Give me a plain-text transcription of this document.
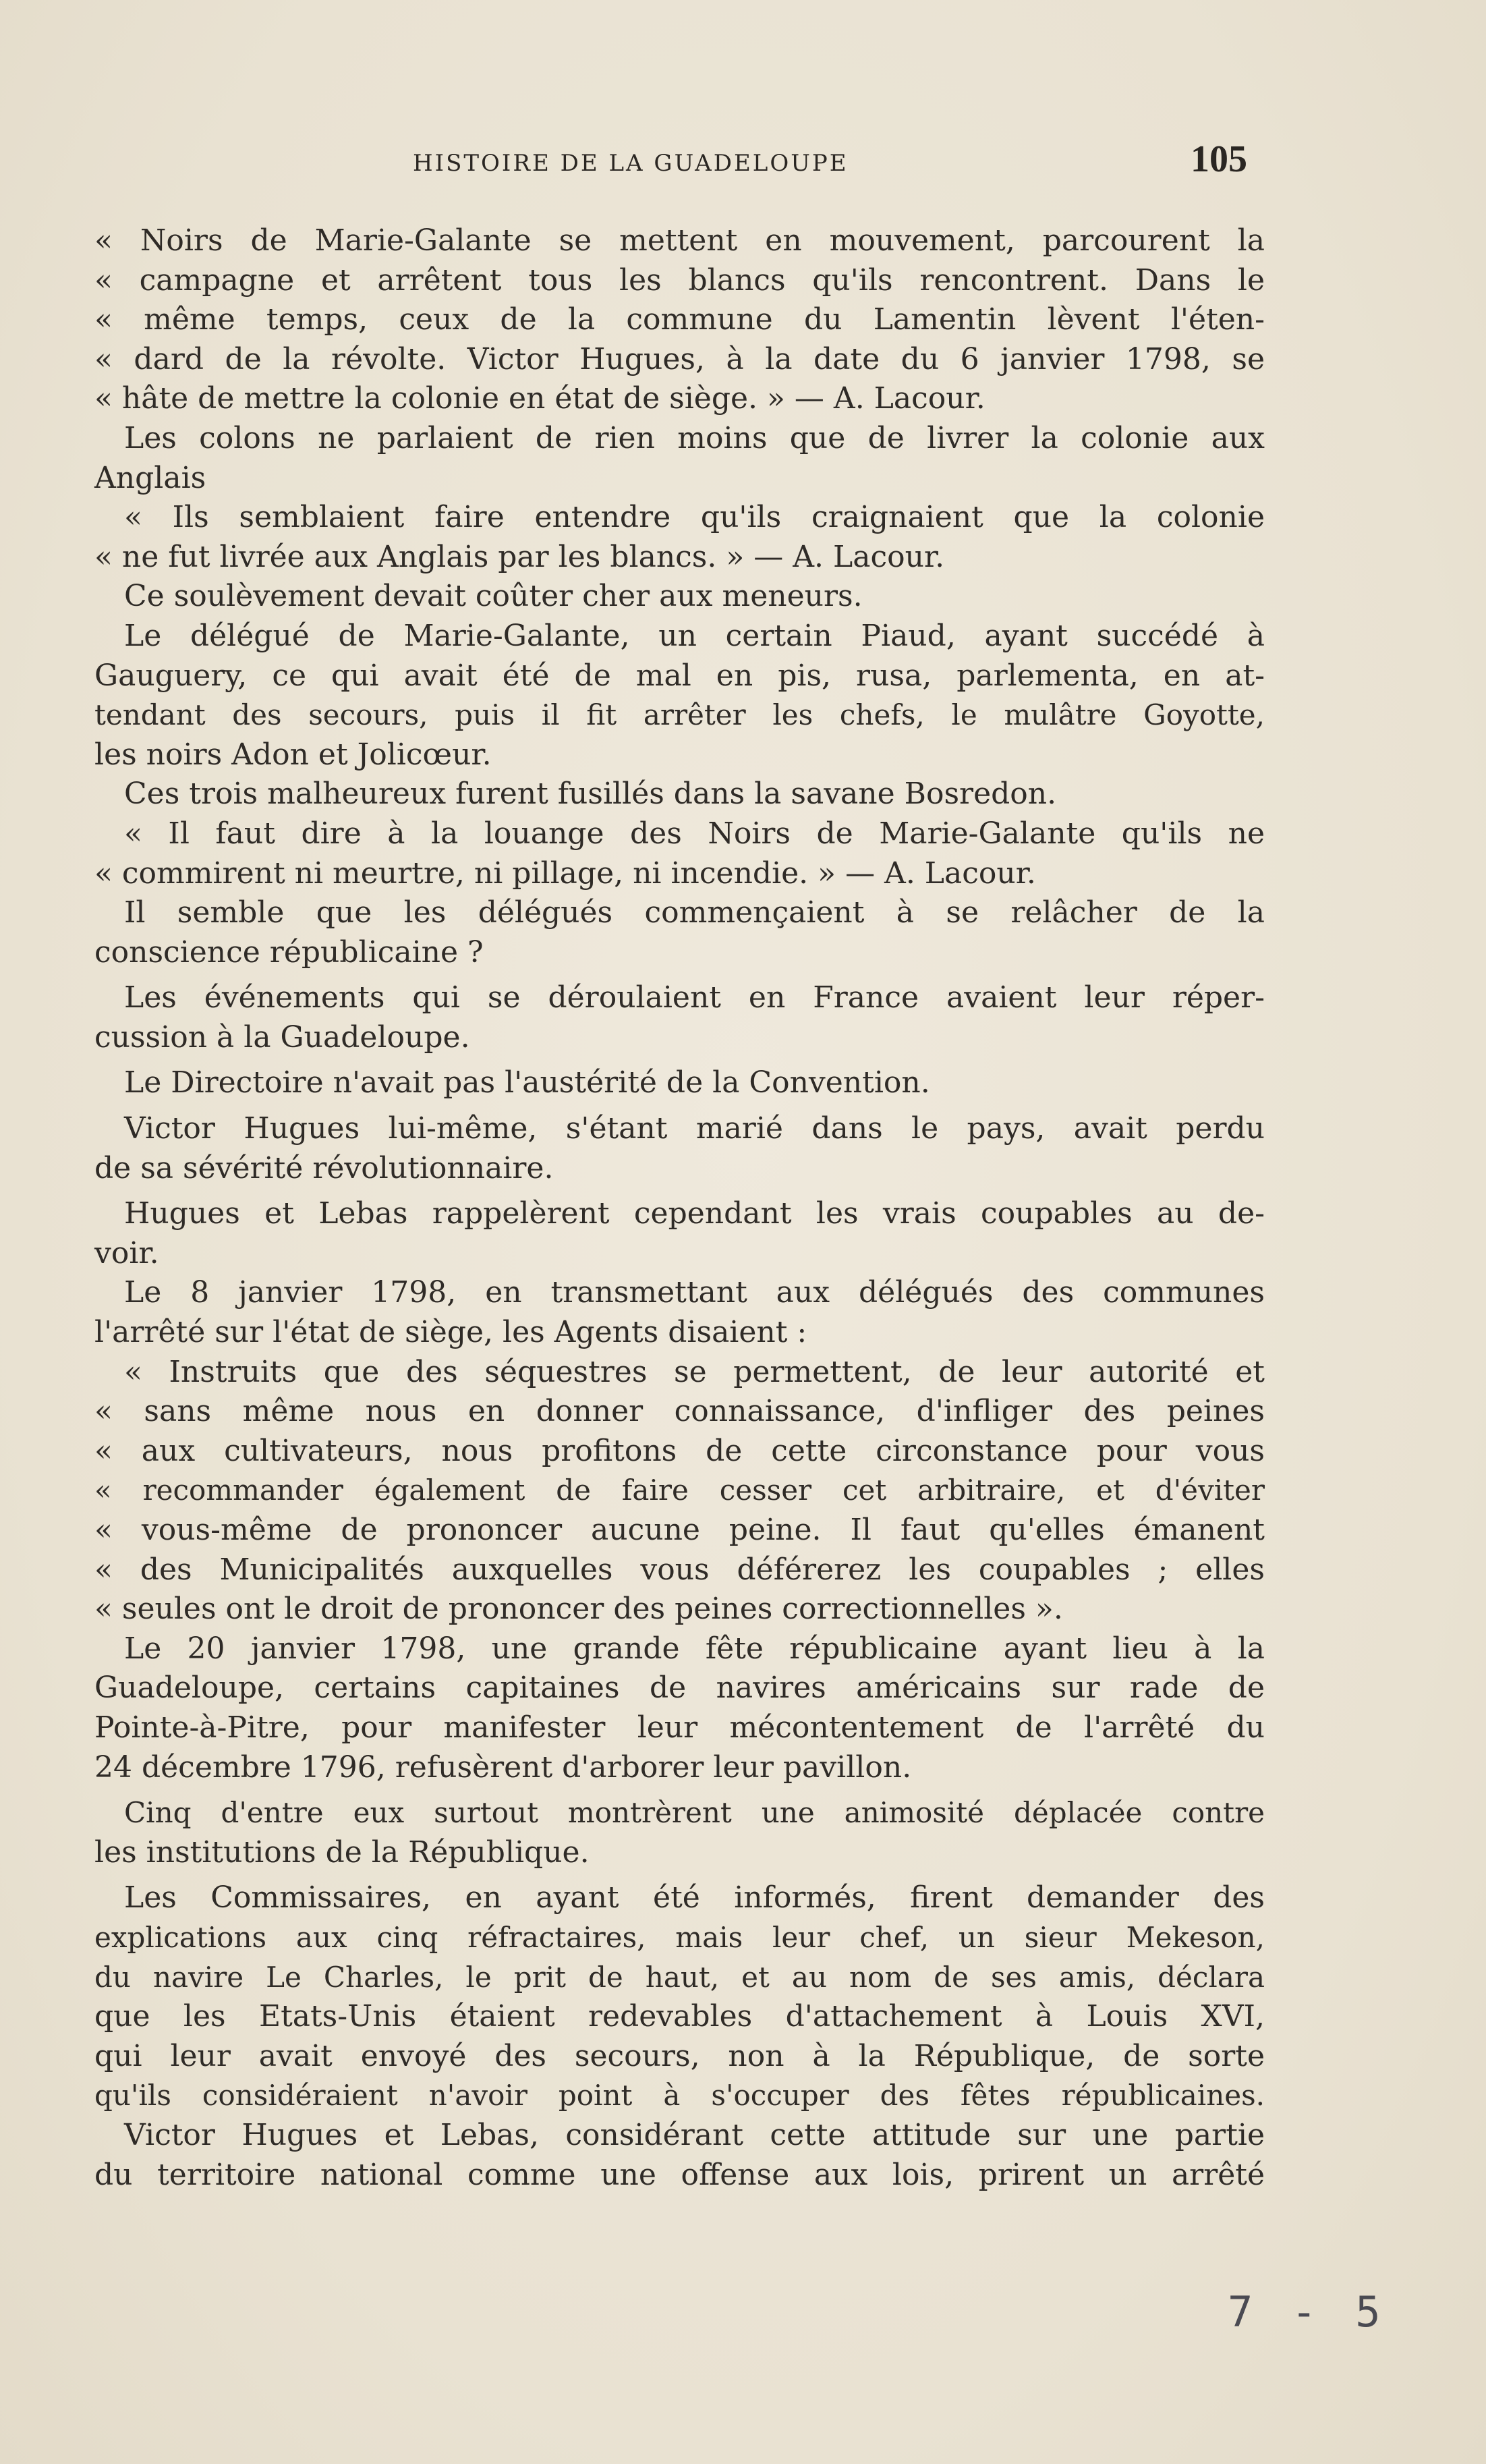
HISTOIRE DE LA GUADELOUPE	105
« Noirs de Marie-Galante se mettent en mouvement, parcourent la
« campagne et arrêtent tous les blancs qu'ils rencontrent. Dans le
« même temps, ceux de la commune du Lamentin lèvent l'éten-
« dard de la révolte. Victor Hugues, à la date du 6 janvier 1798, se
« hâte de mettre la colonie en état de siège. » — A. Lacour.
Les colons ne parlaient de rien moins que de livrer la colonie aux
Anglais
« Ils semblaient faire entendre qu'ils craignaient que la colonie
« ne fut livrée aux Anglais par les blancs. » — A. Lacour.
Ce soulèvement devait coûter cher aux meneurs.
Le délégué de Marie-Galante, un certain Piaud, ayant succédé à
Gauguery, ce qui avait été de mal en pis, rusa, parlementa, en at-
tendant des secours, puis il fit arrêter les chefs, le mulâtre Goyotte,
les noirs Adon et Jolicœur.
Ces trois malheureux furent fusillés dans la savane Bosredon.
« Il faut dire à la louange des Noirs de Marie-Galante qu'ils ne
« commirent ni meurtre, ni pillage, ni incendie. » — A. Lacour.
Il semble que les délégués commençaient à se relâcher de la
conscience républicaine ?
Les événements qui se déroulaient en France avaient leur réper-
cussion à la Guadeloupe.
Le Directoire n'avait pas l'austérité de la Convention.
Victor Hugues lui-même, s'étant marié dans le pays, avait perdu
de sa sévérité révolutionnaire.
Hugues et Lebas rappelèrent cependant les vrais coupables au de-
voir.
Le 8 janvier 1798, en transmettant aux délégués des communes
l'arrêté sur l'état de siège, les Agents disaient :
« Instruits que des séquestres se permettent, de leur autorité et
« sans même nous en donner connaissance, d'infliger des peines
« aux cultivateurs, nous profitons de cette circonstance pour vous
« recommander également de faire cesser cet arbitraire, et d'éviter
« vous-même de prononcer aucune peine. Il faut qu'elles émanent
« des Municipalités auxquelles vous déférerez les coupables ; elles
« seules ont le droit de prononcer des peines correctionnelles ».
Le 20 janvier 1798, une grande fête républicaine ayant lieu à la
Guadeloupe, certains capitaines de navires américains sur rade de
Pointe-à-Pitre, pour manifester leur mécontentement de l'arrêté du
24 décembre 1796, refusèrent d'arborer leur pavillon.
Cinq d'entre eux surtout montrèrent une animosité déplacée contre
les institutions de la République.
Les Commissaires, en ayant été informés, firent demander des
explications aux cinq réfractaires, mais leur chef, un sieur Mekeson,
du navire Le Charles, le prit de haut, et au nom de ses amis, déclara
que les Etats-Unis étaient redevables d'attachement à Louis XVI,
qui leur avait envoyé des secours, non à la République, de sorte
qu'ils considéraient n'avoir point à s'occuper des fêtes républicaines.
Victor Hugues et Lebas, considérant cette attitude sur une partie
du territoire national comme une offense aux lois, prirent un arrêté
7 - 5
